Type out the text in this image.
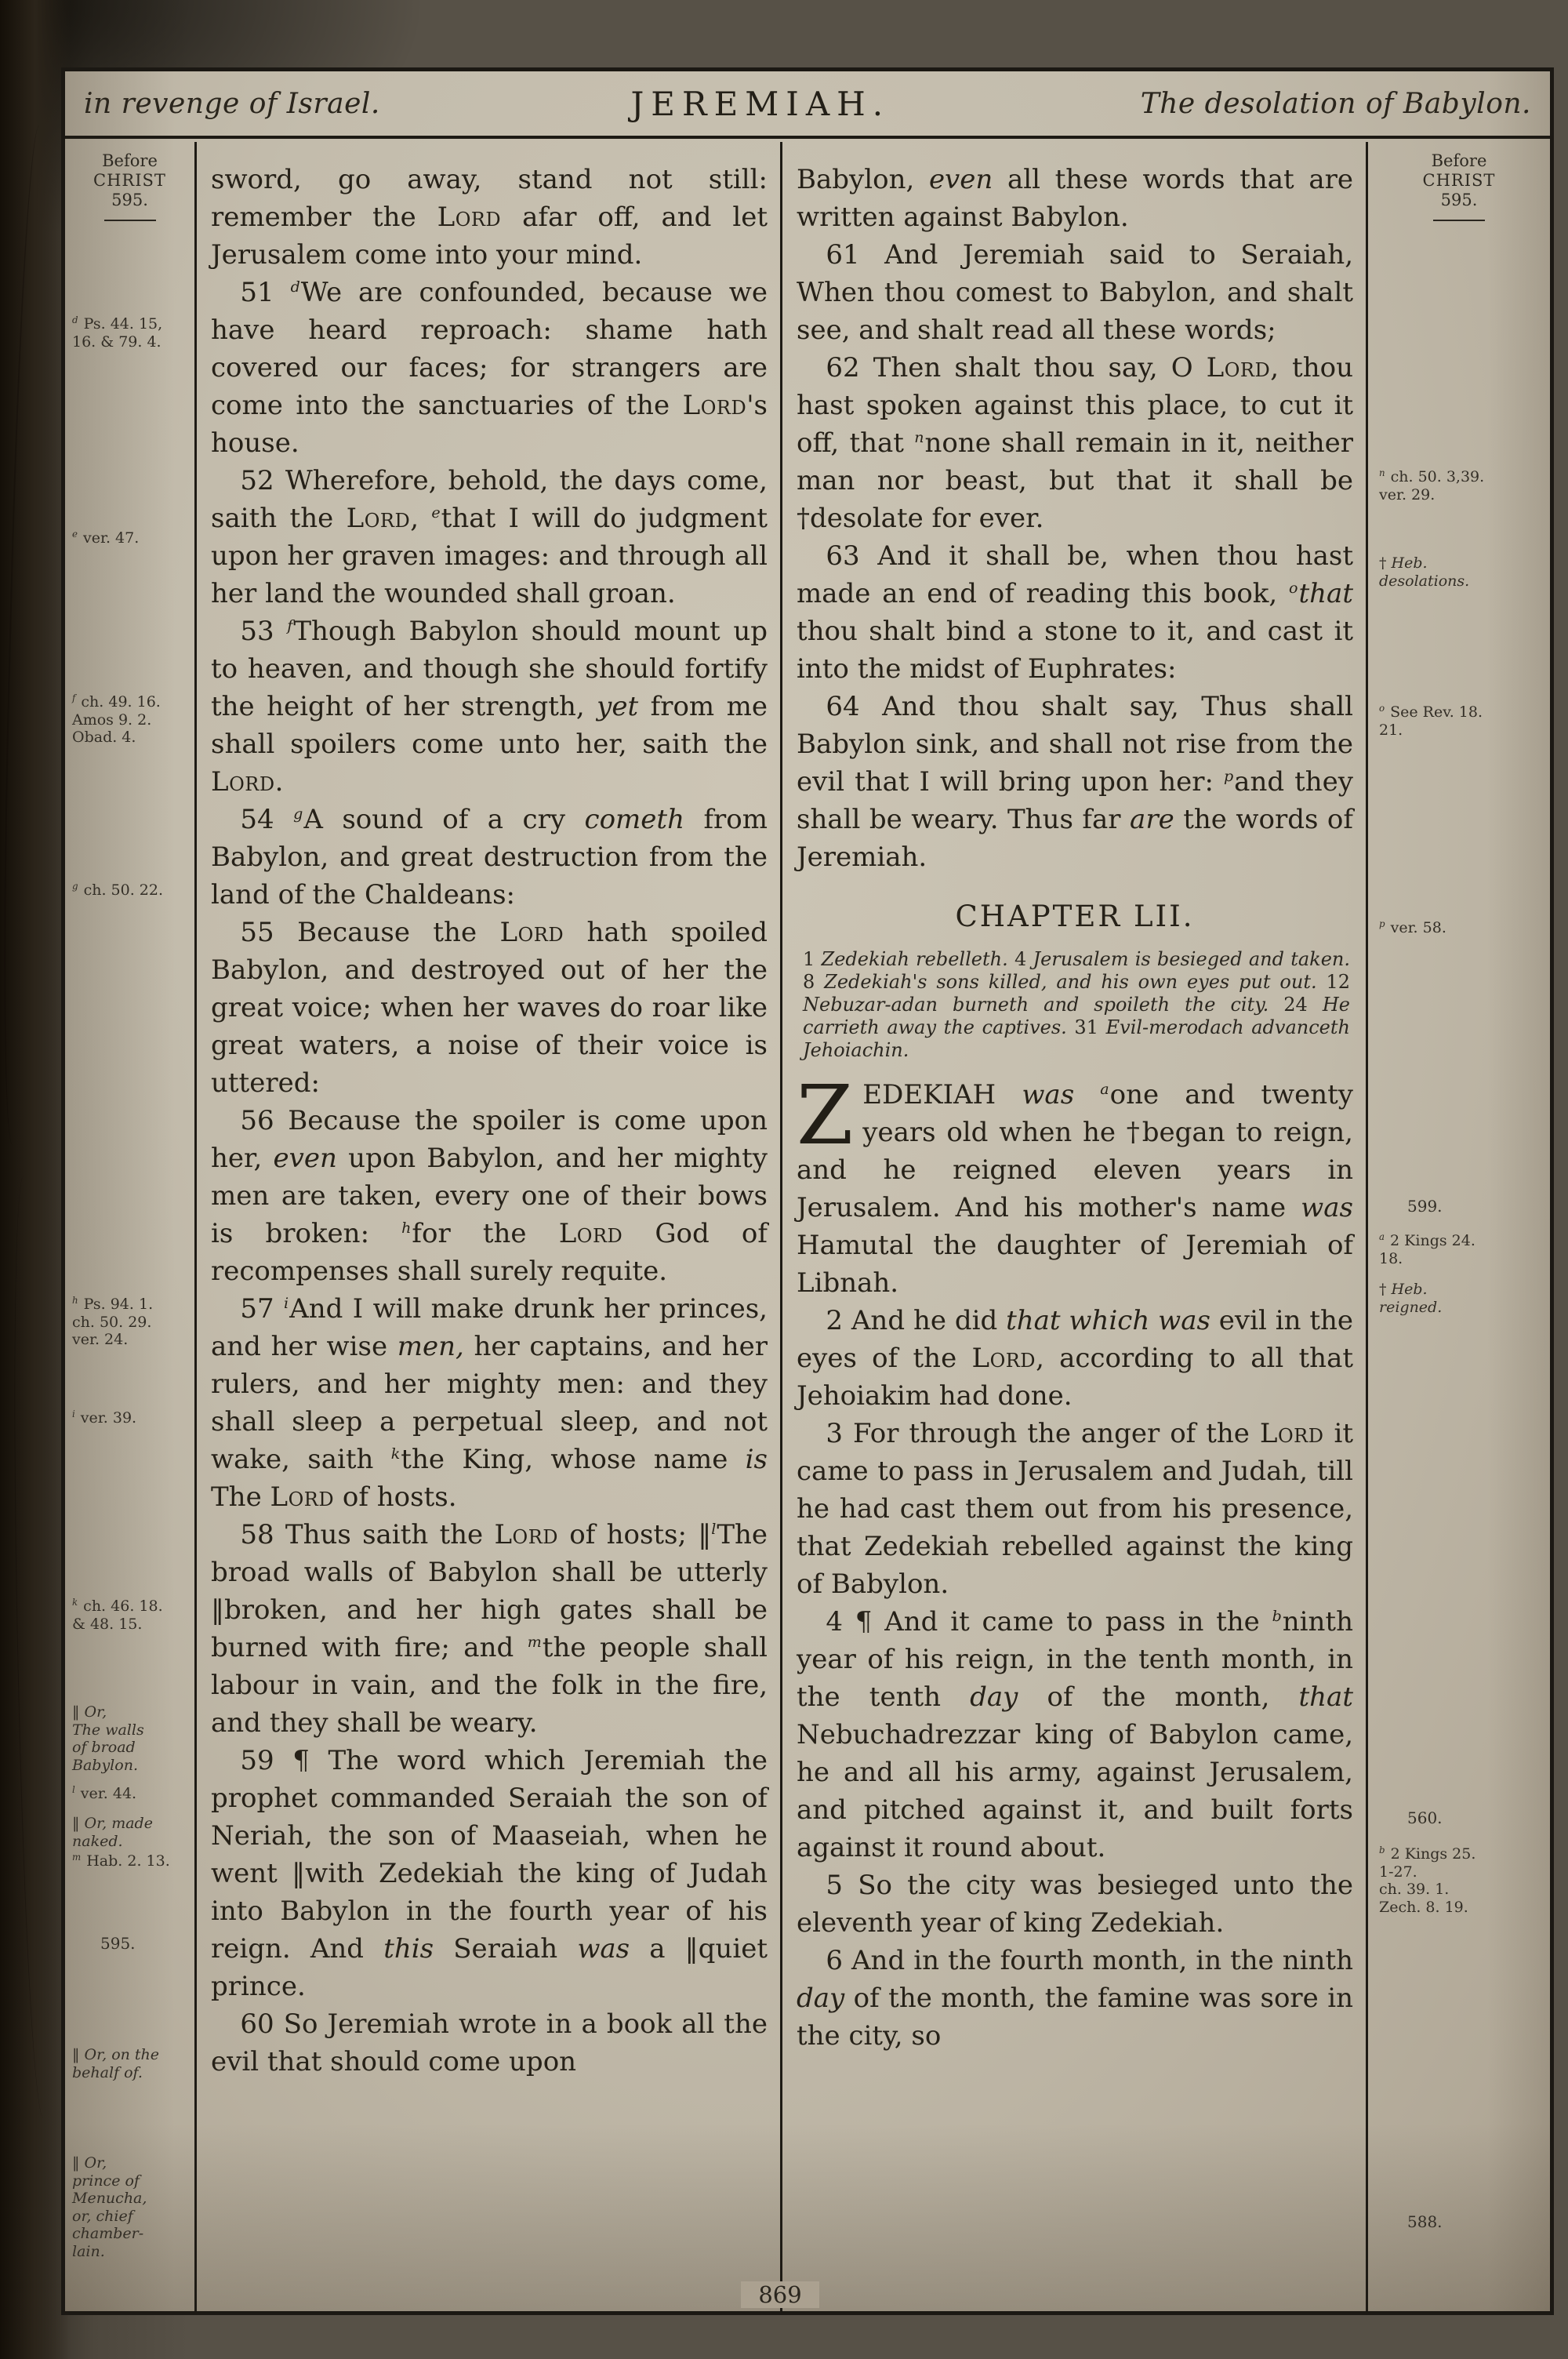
in revenge of Israel.	JEREMIAH.	The desolation of Babylon.
Before
CHRIST
595.
$^d$ Ps. 44. 15,
16. & 79. 4.
$^e$ ver. 47.
$^f$ ch. 49. 16.
Amos 9. 2.
Obad. 4.
$^g$ ch. 50. 22.
$^h$ Ps. 94. 1.
ch. 50. 29.
ver. 24.
$^i$ ver. 39.
$^k$ ch. 46. 18.
& 48. 15.
‖ Or,
The walls
of broad
Babylon.
$^l$ ver. 44.
‖ Or, made
naked.
$^m$ Hab. 2. 13.
595.
‖ Or, on the
behalf of.
‖ Or,
prince of
Menucha,
or, chief
chamber-
lain.

sword, go away, stand not still: remember the Lord afar off, and let Jerusalem come into your mind.

51 $^d$We are confounded, because we have heard reproach: shame hath covered our faces; for strangers are come into the sanctuaries of the Lord's house.

52 Wherefore, behold, the days come, saith the Lord, $^e$that I will do judgment upon her graven images: and through all her land the wounded shall groan.

53 $^f$Though Babylon should mount up to heaven, and though she should fortify the height of her strength, yet from me shall spoilers come unto her, saith the Lord.

54 $^g$A sound of a cry cometh from Babylon, and great destruction from the land of the Chaldeans:

55 Because the Lord hath spoiled Babylon, and destroyed out of her the great voice; when her waves do roar like great waters, a noise of their voice is uttered:

56 Because the spoiler is come upon her, even upon Babylon, and her mighty men are taken, every one of their bows is broken: $^h$for the Lord God of recompenses shall surely requite.

57 $^i$And I will make drunk her princes, and her wise men, her captains, and her rulers, and her mighty men: and they shall sleep a perpetual sleep, and not wake, saith $^k$the King, whose name is The Lord of hosts.

58 Thus saith the Lord of hosts; ‖$^l$The broad walls of Babylon shall be utterly ‖broken, and her high gates shall be burned with fire; and $^m$the people shall labour in vain, and the folk in the fire, and they shall be weary.

59 ¶ The word which Jeremiah the prophet commanded Seraiah the son of Neriah, the son of Maaseiah, when he went ‖with Zedekiah the king of Judah into Babylon in the fourth year of his reign. And this Seraiah was a ‖quiet prince.

60 So Jeremiah wrote in a book all the evil that should come upon

Babylon, even all these words that are written against Babylon.

61 And Jeremiah said to Seraiah, When thou comest to Babylon, and shalt see, and shalt read all these words;

62 Then shalt thou say, O Lord, thou hast spoken against this place, to cut it off, that $^n$none shall remain in it, neither man nor beast, but that it shall be †desolate for ever.

63 And it shall be, when thou hast made an end of reading this book, $^o$that thou shalt bind a stone to it, and cast it into the midst of Euphrates:

64 And thou shalt say, Thus shall Babylon sink, and shall not rise from the evil that I will bring upon her: $^p$and they shall be weary. Thus far are the words of Jeremiah.

CHAPTER LII.

1 Zedekiah rebelleth. 4 Jerusalem is besieged and taken. 8 Zedekiah's sons killed, and his own eyes put out. 12 Nebuzar-adan burneth and spoileth the city. 24 He carrieth away the captives. 31 Evil-merodach advanceth Jehoiachin.

ZEDEKIAH was $^a$one and twenty years old when he †began to reign, and he reigned eleven years in Jerusalem. And his mother's name was Hamutal the daughter of Jeremiah of Libnah.

2 And he did that which was evil in the eyes of the Lord, according to all that Jehoiakim had done.

3 For through the anger of the Lord it came to pass in Jerusalem and Judah, till he had cast them out from his presence, that Zedekiah rebelled against the king of Babylon.

4 ¶ And it came to pass in the $^b$ninth year of his reign, in the tenth month, in the tenth day of the month, that Nebuchadrezzar king of Babylon came, he and all his army, against Jerusalem, and pitched against it, and built forts against it round about.

5 So the city was besieged unto the eleventh year of king Zedekiah.

6 And in the fourth month, in the ninth day of the month, the famine was sore in the city, so

Before
CHRIST
595.
$^n$ ch. 50. 3,39.
ver. 29.
† Heb.
desolations.
$^o$ See Rev. 18.
21.
$^p$ ver. 58.
599.
$^a$ 2 Kings 24.
18.
† Heb.
reigned.
560.
$^b$ 2 Kings 25.
1-27.
ch. 39. 1.
Zech. 8. 19.
588.
869
